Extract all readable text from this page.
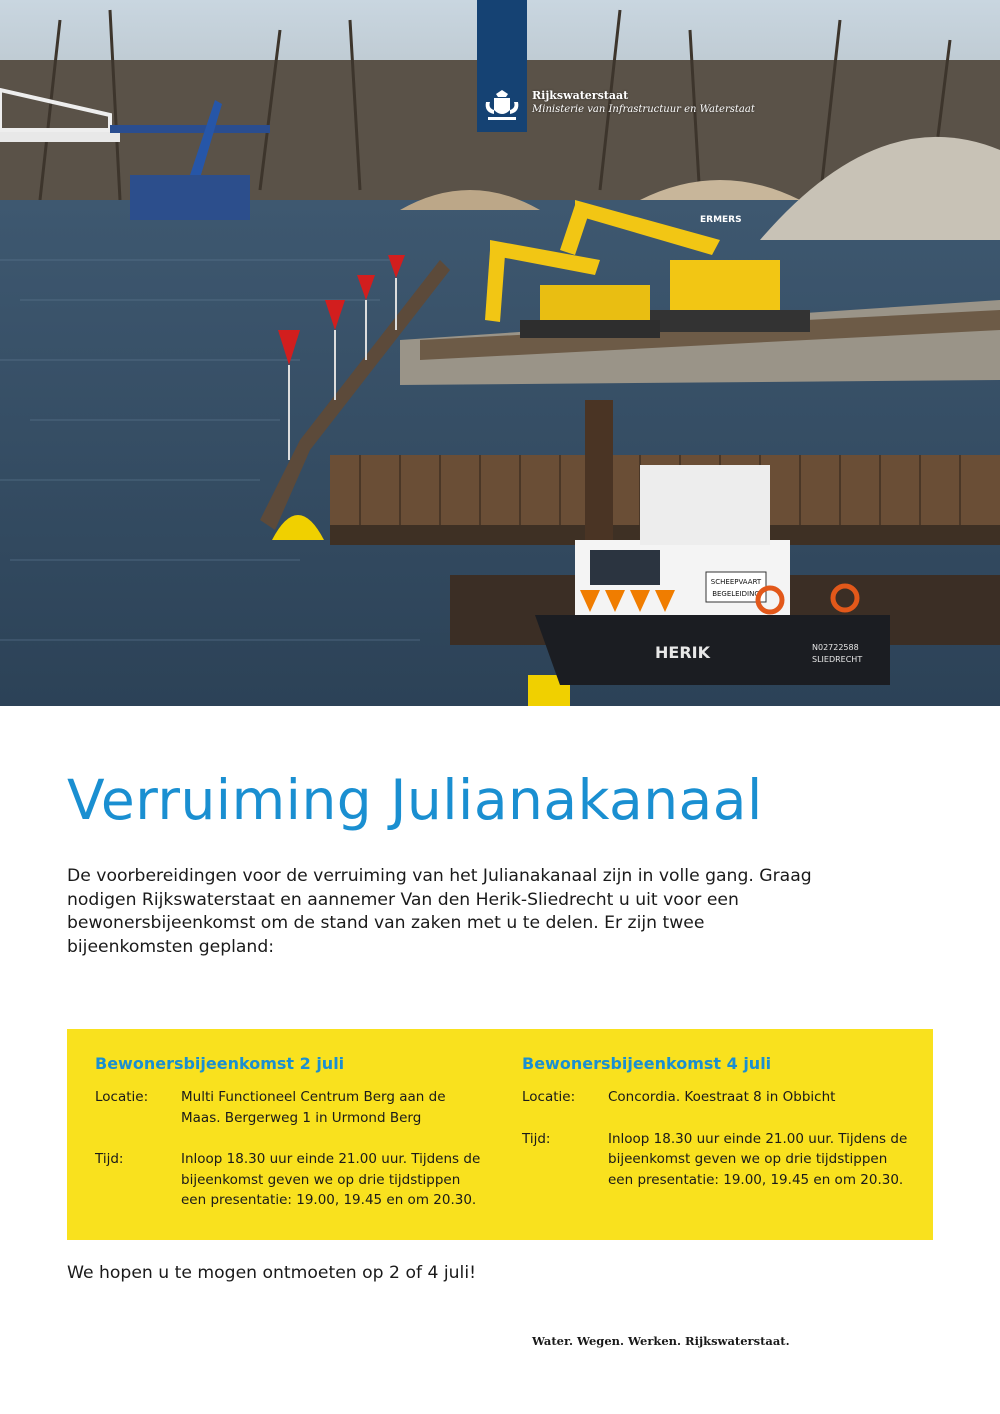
SCHEEPVAART
BEGELEIDING
HERIK	N02722588
SLIEDRECHT
ERMERS
Rijkswaterstaat
Ministerie van Infrastructuur en Waterstaat
Verruiming Julianakanaal

De voorbereidingen voor de verruiming van het Julianakanaal zijn in volle gang. Graag nodigen Rijkswaterstaat en aannemer Van den Herik-Sliedrecht u uit voor een bewonersbijeenkomst om de stand van zaken met u te delen. Er zijn twee bijeenkomsten gepland:

Bewonersbijeenkomst 2 juli
Locatie: Multi Functioneel Centrum Berg aan de Maas. Bergerweg 1 in Urmond Berg
Tijd:	Inloop 18.30 uur einde 21.00 uur. Tijdens de bijeenkomst geven we op drie tijdstippen een presentatie: 19.00, 19.45 en om 20.30.
Bewonersbijeenkomst 4 juli
Locatie: Concordia. Koestraat 8 in Obbicht
Tijd:	Inloop 18.30 uur einde 21.00 uur. Tijdens de bijeenkomst geven we op drie tijdstippen een presentatie: 19.00, 19.45 en om 20.30.

We hopen u te mogen ontmoeten op 2 of 4 juli!

Water. Wegen. Werken. Rijkswaterstaat.
